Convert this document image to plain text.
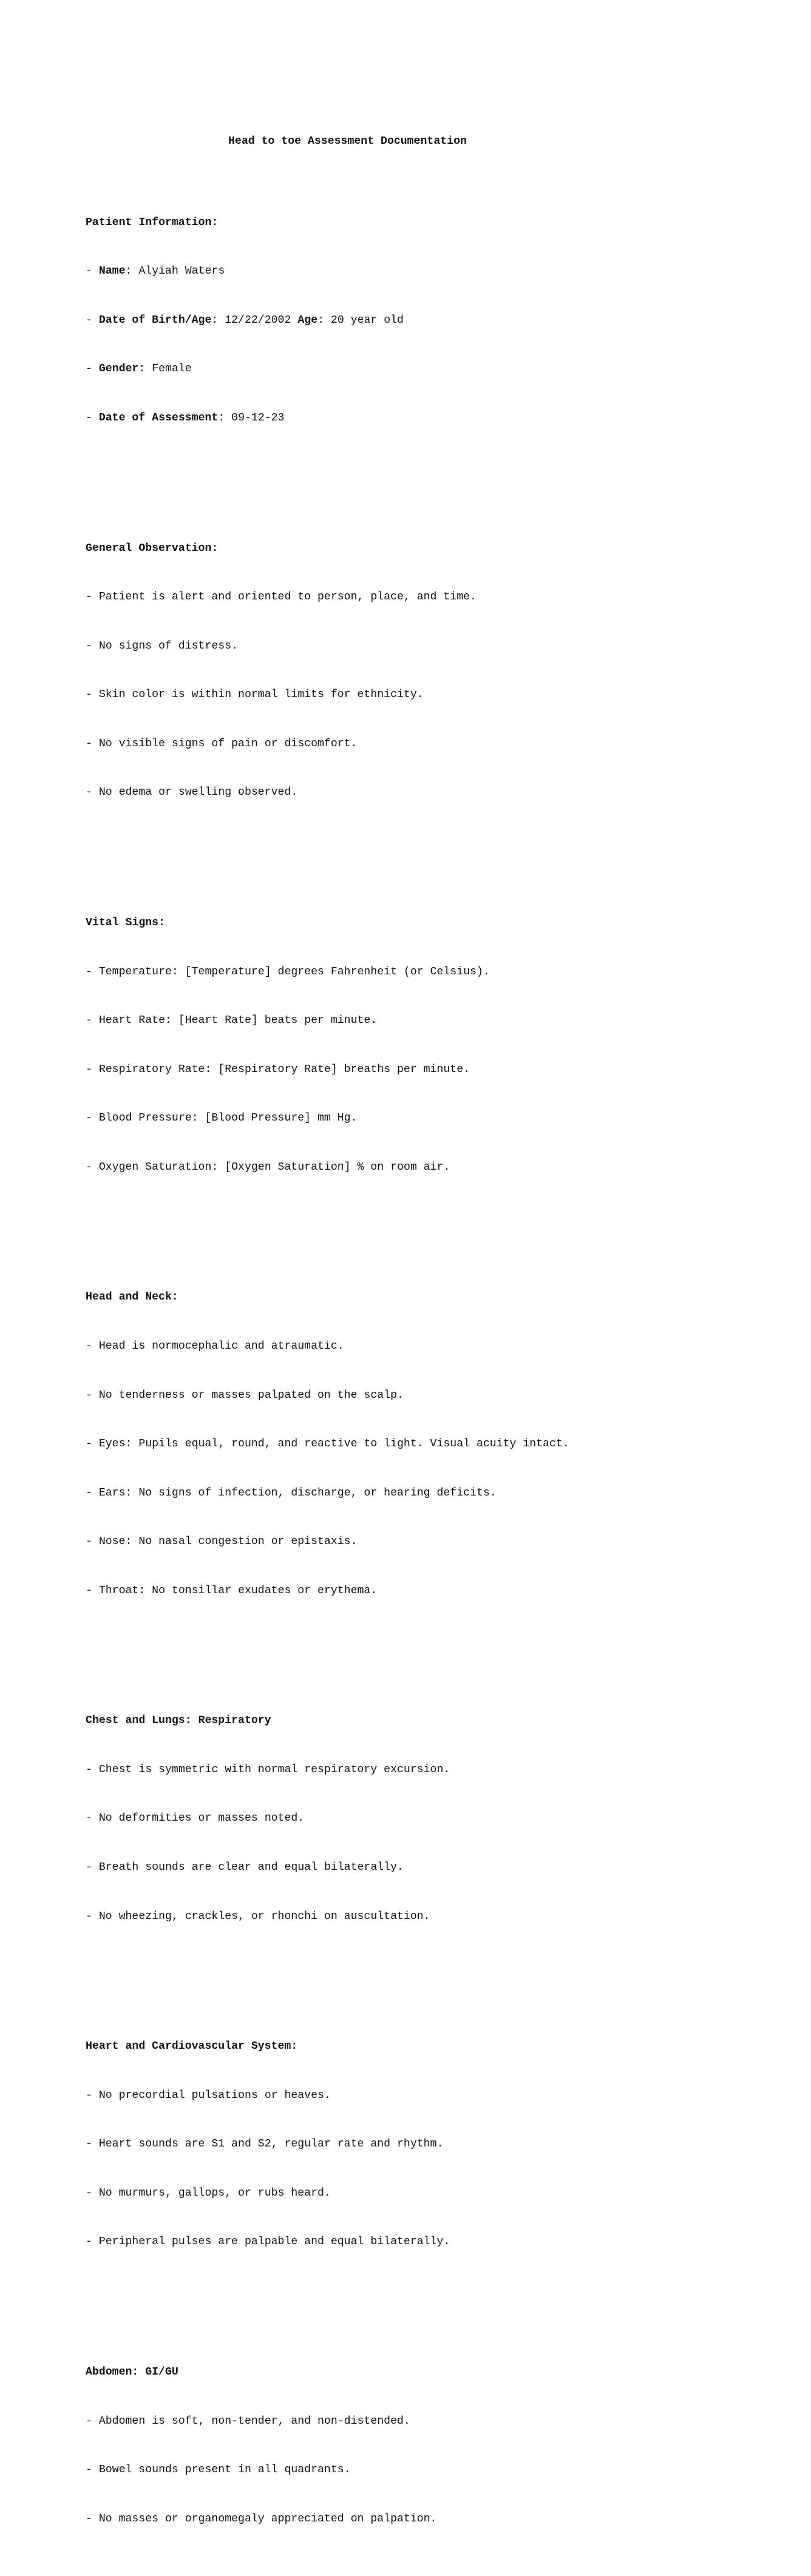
Head to toe Assessment Documentation

Patient Information:

- Name: Alyiah Waters

- Date of Birth/Age: 12/22/2002 Age: 20 year old

- Gender: Female

- Date of Assessment: 09-12-23

General Observation:

- Patient is alert and oriented to person, place, and time.

- No signs of distress.

- Skin color is within normal limits for ethnicity.

- No visible signs of pain or discomfort.

- No edema or swelling observed.

Vital Signs:

- Temperature: [Temperature] degrees Fahrenheit (or Celsius).

- Heart Rate: [Heart Rate] beats per minute.

- Respiratory Rate: [Respiratory Rate] breaths per minute.

- Blood Pressure: [Blood Pressure] mm Hg.

- Oxygen Saturation: [Oxygen Saturation] % on room air.

Head and Neck:

- Head is normocephalic and atraumatic.

- No tenderness or masses palpated on the scalp.

- Eyes: Pupils equal, round, and reactive to light. Visual acuity intact.

- Ears: No signs of infection, discharge, or hearing deficits.

- Nose: No nasal congestion or epistaxis.

- Throat: No tonsillar exudates or erythema.

Chest and Lungs: Respiratory

- Chest is symmetric with normal respiratory excursion.

- No deformities or masses noted.

- Breath sounds are clear and equal bilaterally.

- No wheezing, crackles, or rhonchi on auscultation.

Heart and Cardiovascular System:

- No precordial pulsations or heaves.

- Heart sounds are S1 and S2, regular rate and rhythm.

- No murmurs, gallops, or rubs heard.

- Peripheral pulses are palpable and equal bilaterally.

Abdomen: GI/GU

- Abdomen is soft, non-tender, and non-distended.

- Bowel sounds present in all quadrants.

- No masses or organomegaly appreciated on palpation.
